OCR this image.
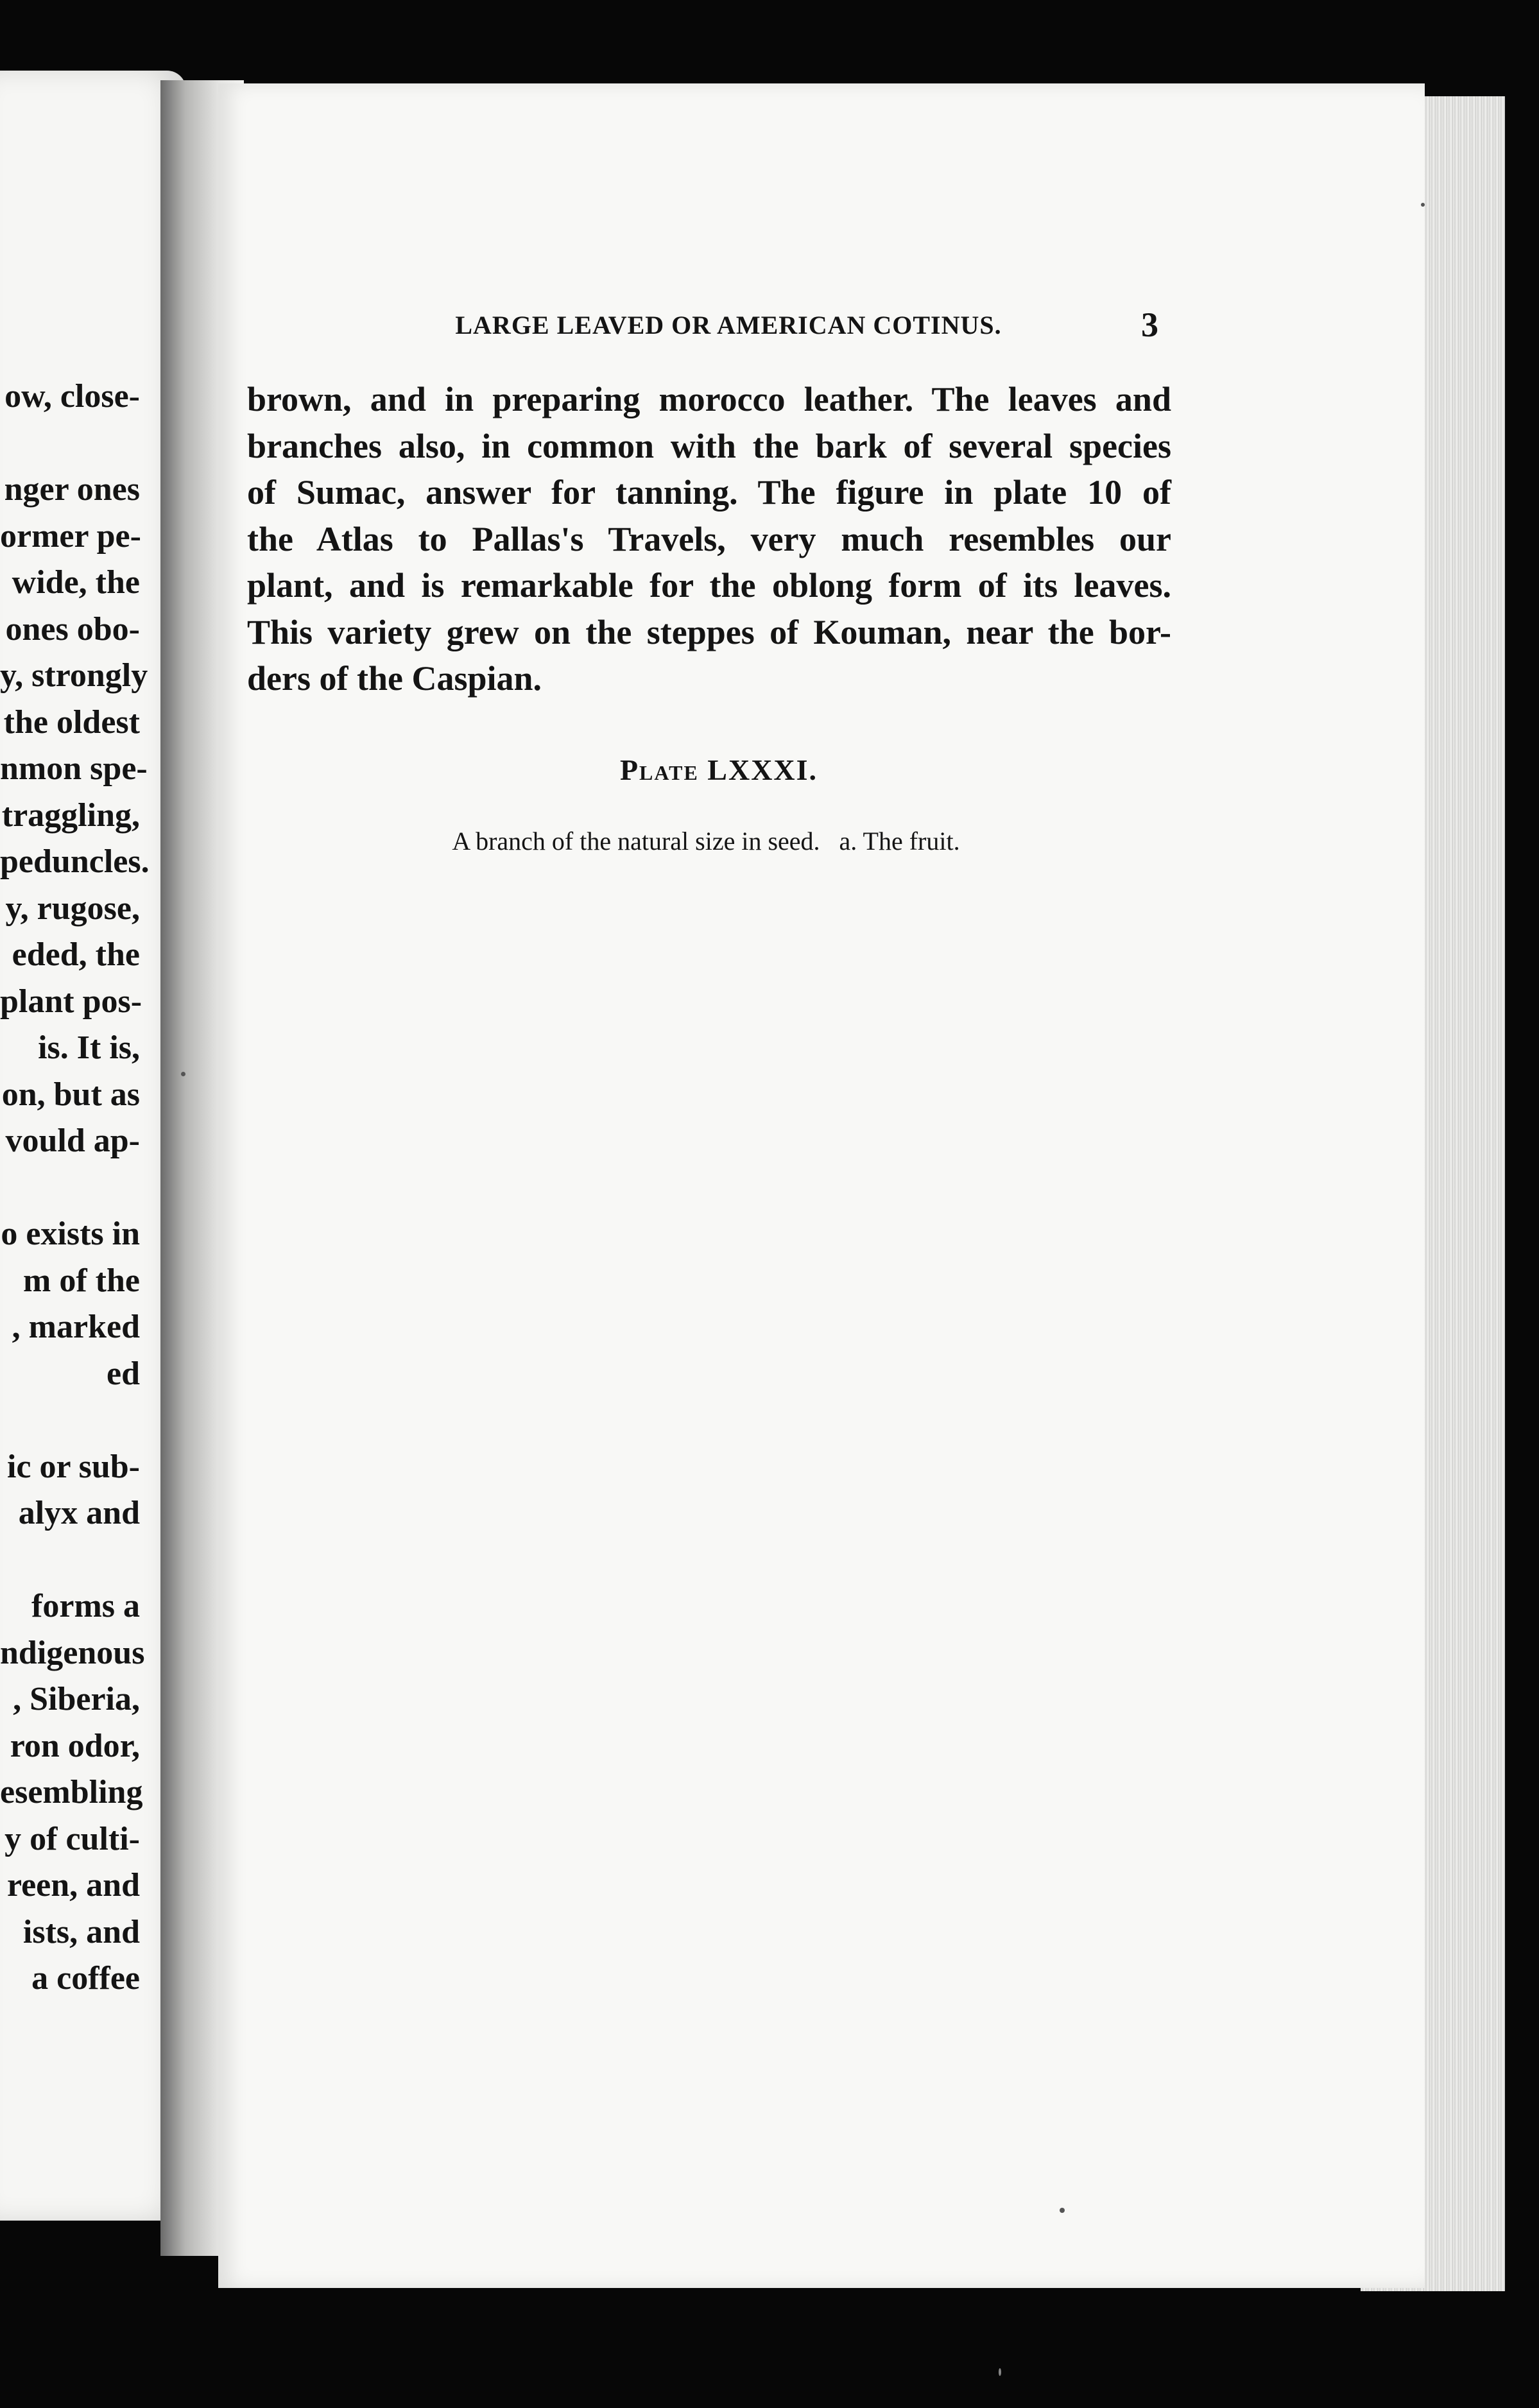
ow, close-
nger ones
ormer pe-
wide, the
ones obo-
y, strongly
the oldest
nmon spe-
traggling,
peduncles.
y, rugose,
eded, the
plant pos-
is. It is,
on, but as
vould ap-
o exists in
m of the
, marked
ed
ic or sub-
alyx and
forms a
ndigenous
, Siberia,
ron odor,
esembling
y of culti-
reen, and
ists, and
a coffee
LARGE LEAVED OR AMERICAN COTINUS.	3
brown, and in preparing morocco leather. The leaves and
branches also, in common with the bark of several species
of Sumac, answer for tanning. The figure in plate 10 of
the Atlas to Pallas's Travels, very much resembles our
plant, and is remarkable for the oblong form of its leaves.
This variety grew on the steppes of Kouman, near the bor-
ders of the Caspian.
Plate LXXXI.
A branch of the natural size in seed.   a. The fruit.
